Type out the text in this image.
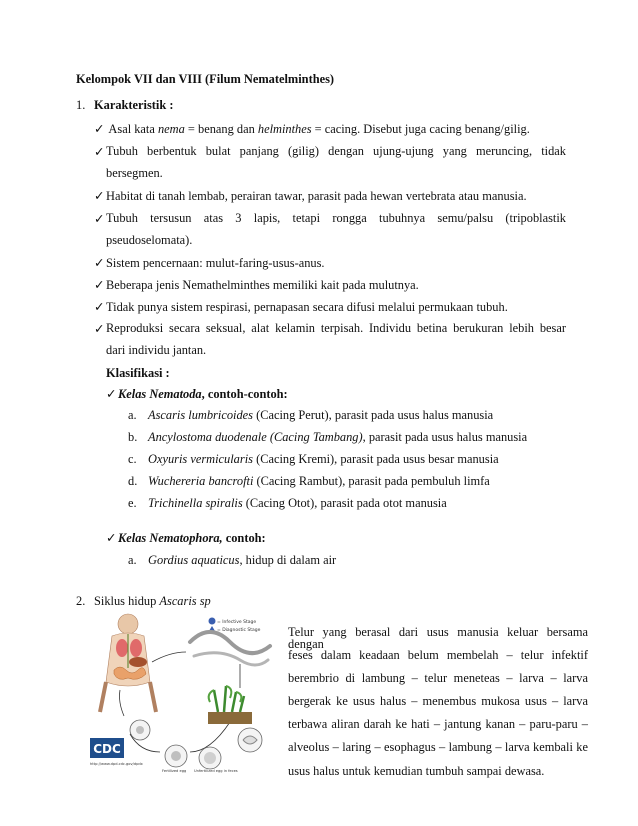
Kelompok VII dan VIII (Filum Nematelminthes)
1. Karakteristik :
✓ Asal kata nema = benang dan helminthes = cacing. Disebut juga cacing benang/gilig.
✓ Tubuh berbentuk bulat panjang (gilig) dengan ujung-ujung yang meruncing, tidak
bersegmen.
✓ Habitat di tanah lembab, perairan tawar, parasit pada hewan vertebrata atau manusia.
✓ Tubuh tersusun atas 3 lapis, tetapi rongga tubuhnya semu/palsu (tripoblastik
pseudoselomata).
✓ Sistem pencernaan: mulut-faring-usus-anus.
✓ Beberapa jenis Nemathelminthes memiliki kait pada mulutnya.
✓ Tidak punya sistem respirasi, pernapasan secara difusi melalui permukaan tubuh.
✓ Reproduksi secara seksual, alat kelamin terpisah. Individu betina berukuran lebih besar
dari individu jantan.
Klasifikasi :
✓ Kelas Nematoda, contoh-contoh:
a. Ascaris lumbricoides (Cacing Perut), parasit pada usus halus manusia
b. Ancylostoma duodenale (Cacing Tambang), parasit pada usus halus manusia
c. Oxyuris vermicularis (Cacing Kremi), parasit pada usus besar manusia
d. Wuchereria bancrofti (Cacing Rambut), parasit pada pembuluh limfa
e. Trichinella spiralis (Cacing Otot), parasit pada otot manusia
✓ Kelas Nematophora, contoh:
a. Gordius aquaticus, hidup di dalam air
2. Siklus hidup Ascaris sp
= Infective Stage
= Diagnostic Stage
Fertilized egg Unfertilized egg in feces
CDC
http://www.dpd.cdc.gov/dpdx
Telur yang berasal dari usus manusia keluar bersama dengan
feses dalam keadaan belum membelah – telur infektif
berembrio di lambung – telur meneteas – larva – larva
bergerak ke usus halus – menembus mukosa usus – larva
terbawa aliran darah ke hati – jantung kanan – paru-paru –
alveolus – laring – esophagus – lambung – larva kembali ke
usus halus untuk kemudian tumbuh sampai dewasa.
